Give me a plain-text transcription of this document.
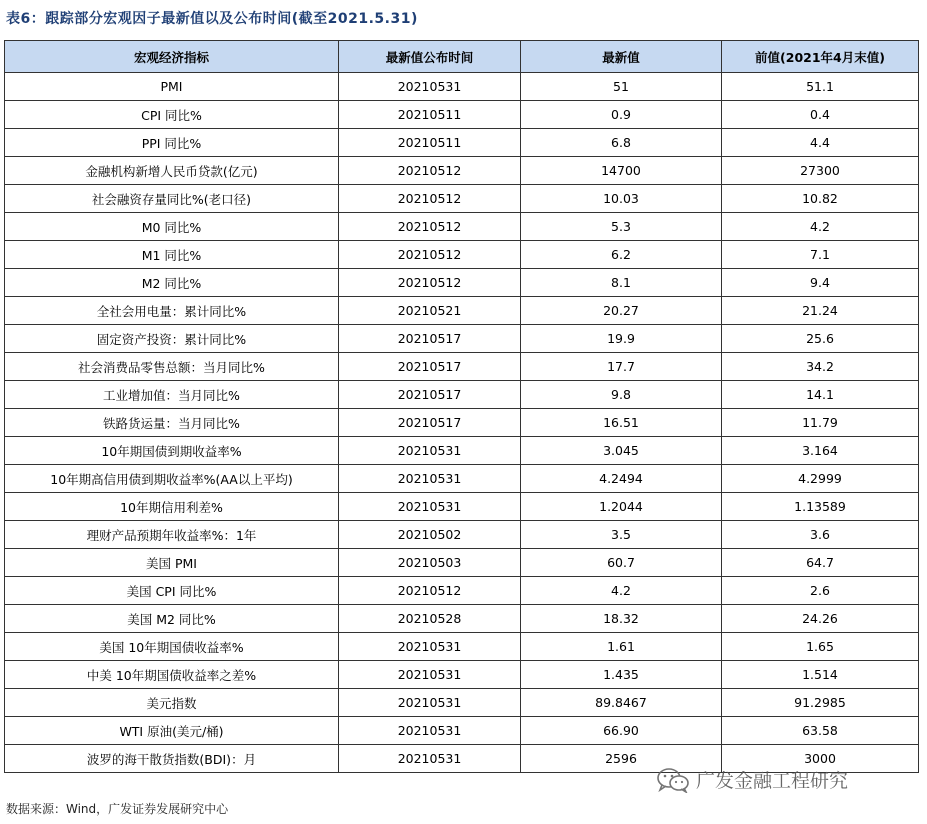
表6：跟踪部分宏观因子最新值以及公布时间(截至2021.5.31)
宏观经济指标	最新值公布时间	最新值	前值(2021年4月末值)
PMI	20210531	51	51.1
CPI 同比%	20210511	0.9	0.4
PPI 同比%	20210511	6.8	4.4
金融机构新增人民币贷款(亿元)	20210512	14700	27300
社会融资存量同比%(老口径)	20210512	10.03	10.82
M0 同比%	20210512	5.3	4.2
M1 同比%	20210512	6.2	7.1
M2 同比%	20210512	8.1	9.4
全社会用电量：累计同比%	20210521	20.27	21.24
固定资产投资：累计同比%	20210517	19.9	25.6
社会消费品零售总额：当月同比%	20210517	17.7	34.2
工业增加值：当月同比%	20210517	9.8	14.1
铁路货运量：当月同比%	20210517	16.51	11.79
10年期国债到期收益率%	20210531	3.045	3.164
10年期高信用债到期收益率%(AA以上平均)	20210531	4.2494	4.2999
10年期信用利差%	20210531	1.2044	1.13589
理财产品预期年收益率%：1年	20210502	3.5	3.6
美国 PMI	20210503	60.7	64.7
美国 CPI 同比%	20210512	4.2	2.6
美国 M2 同比%	20210528	18.32	24.26
美国 10年期国债收益率%	20210531	1.61	1.65
中美 10年期国债收益率之差%	20210531	1.435	1.514
美元指数	20210531	89.8467	91.2985
WTI 原油(美元/桶)	20210531	66.90	63.58
波罗的海干散货指数(BDI)：月	20210531	2596	3000
数据来源：Wind，广发证券发展研究中心
广发金融工程研究
